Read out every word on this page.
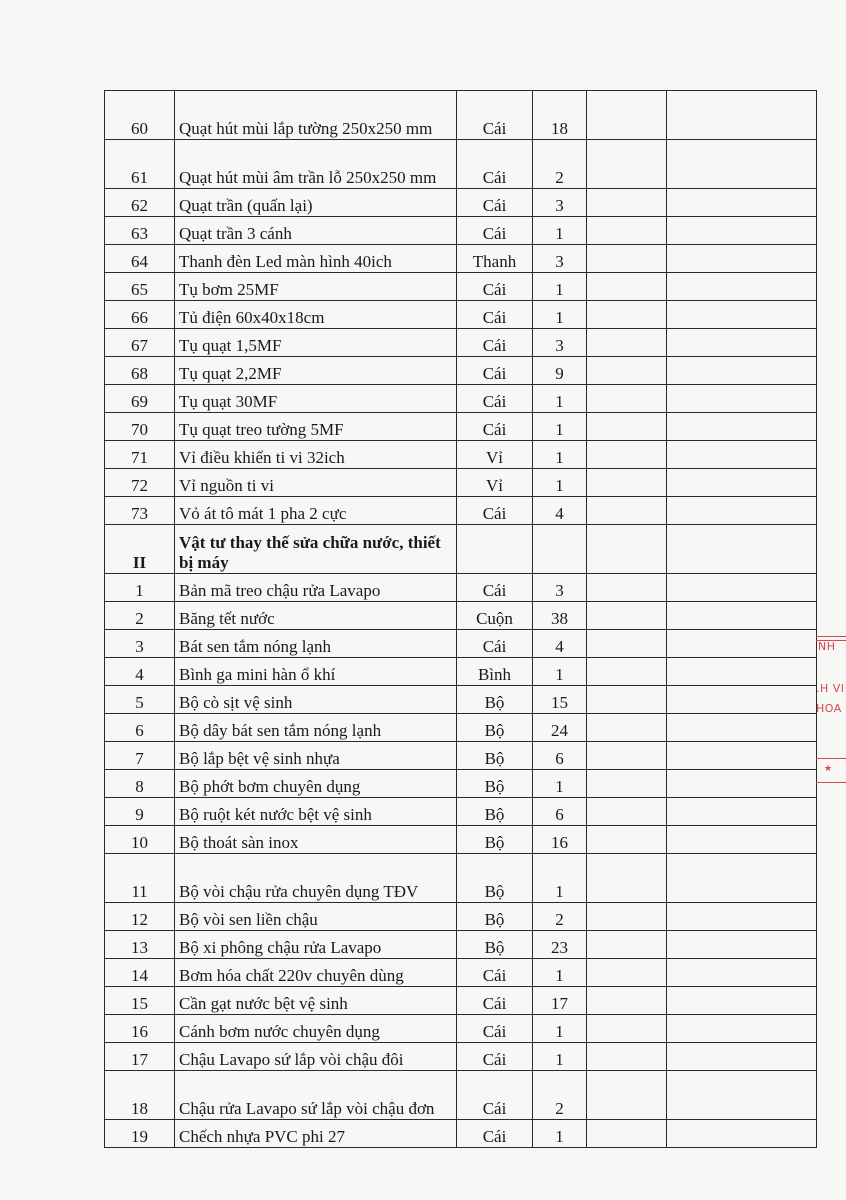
60	Quạt hút mùi lắp tường 250x250 mm	Cái	18		
61	Quạt hút mùi âm trần lỗ 250x250 mm	Cái	2		
62	Quạt trần (quấn lại)	Cái	3		
63	Quạt trần 3 cánh	Cái	1		
64	Thanh đèn Led màn hình 40ich	Thanh	3		
65	Tụ bơm 25MF	Cái	1		
66	Tủ điện 60x40x18cm	Cái	1		
67	Tụ quạt 1,5MF	Cái	3		
68	Tụ quạt 2,2MF	Cái	9		
69	Tụ quạt 30MF	Cái	1		
70	Tụ quạt treo tường 5MF	Cái	1		
71	Vỉ điều khiển ti vi 32ich	Vỉ	1		
72	Vỉ nguồn ti vi	Vỉ	1		
73	Vỏ át tô mát 1 pha 2 cực	Cái	4		
II	Vật tư thay thế sửa chữa nước, thiết bị máy				
1	Bản mã treo chậu rửa Lavapo	Cái	3		
2	Băng tết nước	Cuộn	38		
3	Bát sen tắm nóng lạnh	Cái	4		
4	Bình ga mini hàn ổ khí	Bình	1		
5	Bộ cò sịt vệ sinh	Bộ	15		
6	Bộ dây bát sen tắm nóng lạnh	Bộ	24		
7	Bộ lắp bệt vệ sinh nhựa	Bộ	6		
8	Bộ phớt bơm chuyên dụng	Bộ	1		
9	Bộ ruột két nước bệt vệ sinh	Bộ	6		
10	Bộ thoát sàn inox	Bộ	16		
11	Bộ vòi chậu rửa chuyên dụng TĐV	Bộ	1		
12	Bộ vòi sen liền chậu	Bộ	2		
13	Bộ xi phông chậu rửa Lavapo	Bộ	23		
14	Bơm hóa chất 220v chuyên dùng	Cái	1		
15	Cần gạt nước bệt vệ sinh	Cái	17		
16	Cánh bơm nước chuyên dụng	Cái	1		
17	Chậu Lavapo sứ lắp vòi chậu đôi	Cái	1		
18	Chậu rửa Lavapo sứ lắp vòi chậu đơn	Cái	2		
19	Chếch nhựa PVC phi 27	Cái	1		
NH
.H VI
HOA
★
